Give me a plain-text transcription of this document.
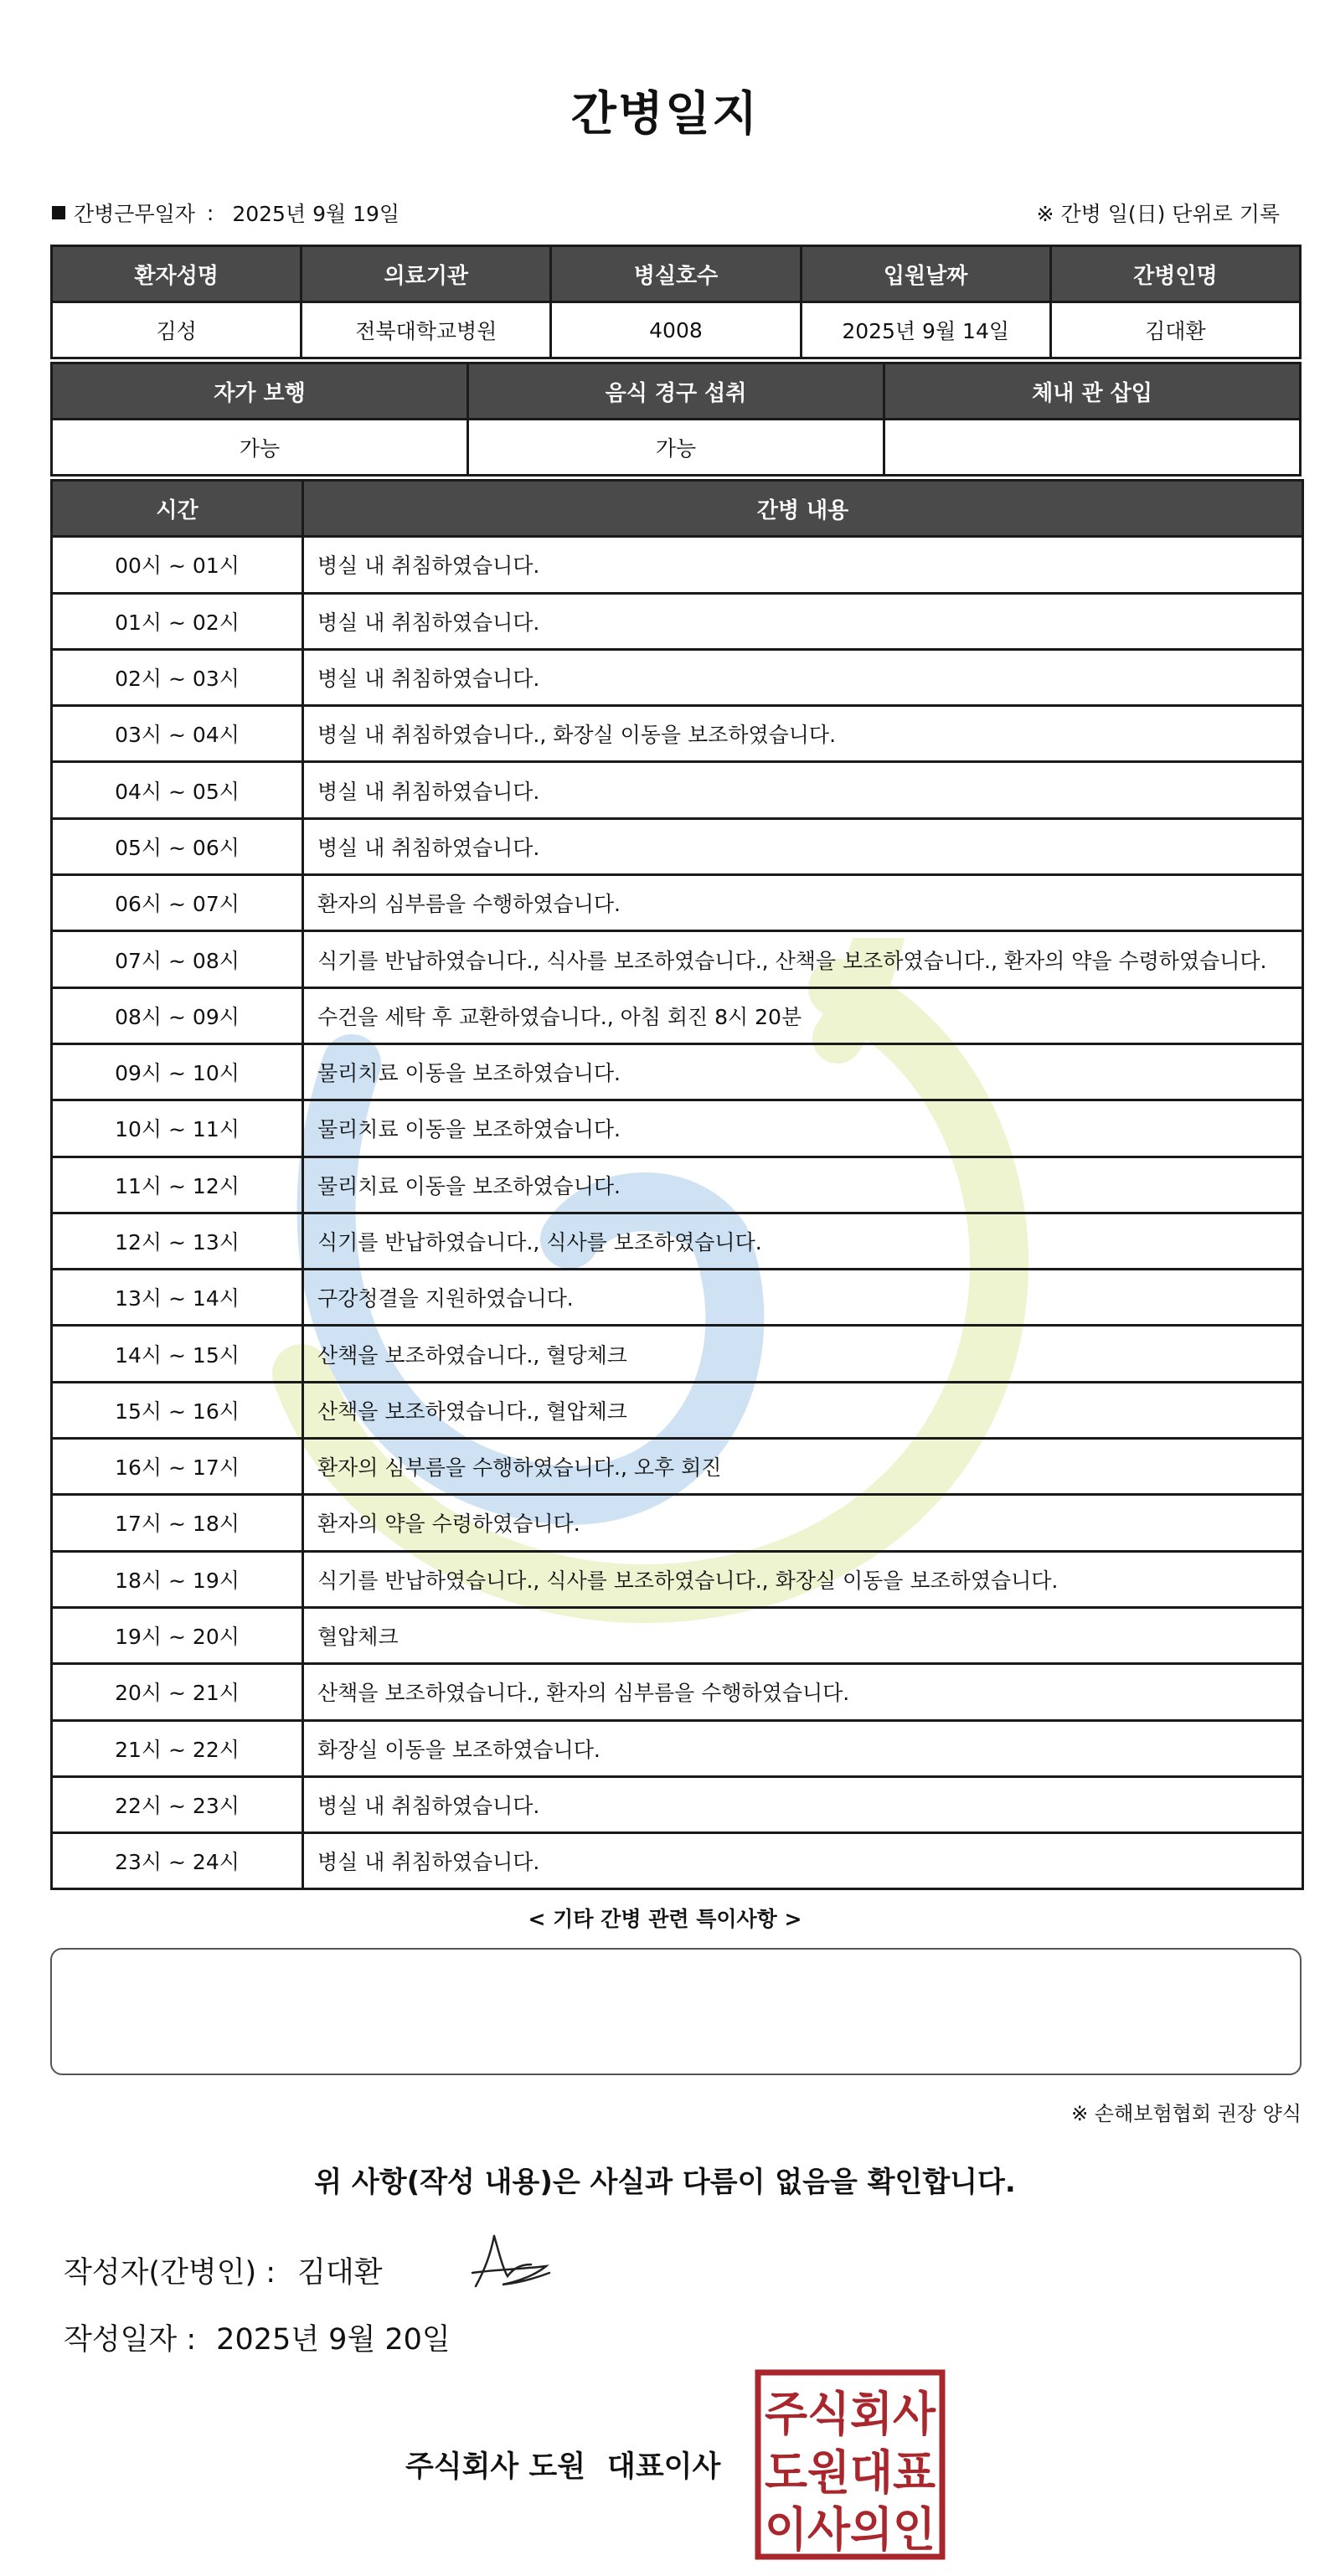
간병일지
간병근무일자 : 2025년 9월 19일	※ 간병 일(日) 단위로 기록
환자성명	의료기관	병실호수	입원날짜	간병인명
김성	전북대학교병원	4008	2025년 9월 14일	김대환
자가 보행	음식 경구 섭취	체내 관 삽입
가능	가능	
시간	간병 내용
00시 ~ 01시	병실 내 취침하였습니다.
01시 ~ 02시	병실 내 취침하였습니다.
02시 ~ 03시	병실 내 취침하였습니다.
03시 ~ 04시	병실 내 취침하였습니다., 화장실 이동을 보조하였습니다.
04시 ~ 05시	병실 내 취침하였습니다.
05시 ~ 06시	병실 내 취침하였습니다.
06시 ~ 07시	환자의 심부름을 수행하였습니다.
07시 ~ 08시	식기를 반납하였습니다., 식사를 보조하였습니다., 산책을 보조하였습니다., 환자의 약을 수령하였습니다.
08시 ~ 09시	수건을 세탁 후 교환하였습니다., 아침 회진 8시 20분
09시 ~ 10시	물리치료 이동을 보조하였습니다.
10시 ~ 11시	물리치료 이동을 보조하였습니다.
11시 ~ 12시	물리치료 이동을 보조하였습니다.
12시 ~ 13시	식기를 반납하였습니다., 식사를 보조하였습니다.
13시 ~ 14시	구강청결을 지원하였습니다.
14시 ~ 15시	산책을 보조하였습니다., 혈당체크
15시 ~ 16시	산책을 보조하였습니다., 혈압체크
16시 ~ 17시	환자의 심부름을 수행하였습니다., 오후 회진
17시 ~ 18시	환자의 약을 수령하였습니다.
18시 ~ 19시	식기를 반납하였습니다., 식사를 보조하였습니다., 화장실 이동을 보조하였습니다.
19시 ~ 20시	혈압체크
20시 ~ 21시	산책을 보조하였습니다., 환자의 심부름을 수행하였습니다.
21시 ~ 22시	화장실 이동을 보조하였습니다.
22시 ~ 23시	병실 내 취침하였습니다.
23시 ~ 24시	병실 내 취침하였습니다.
< 기타 간병 관련 특이사항 >
※ 손해보험협회 권장 양식
위 사항(작성 내용)은 사실과 다름이 없음을 확인합니다.
작성자(간병인) : 김대환
작성일자 : 2025년 9월 20일
주식회사 도원 대표이사
주식회사
도원대표
이사의인
